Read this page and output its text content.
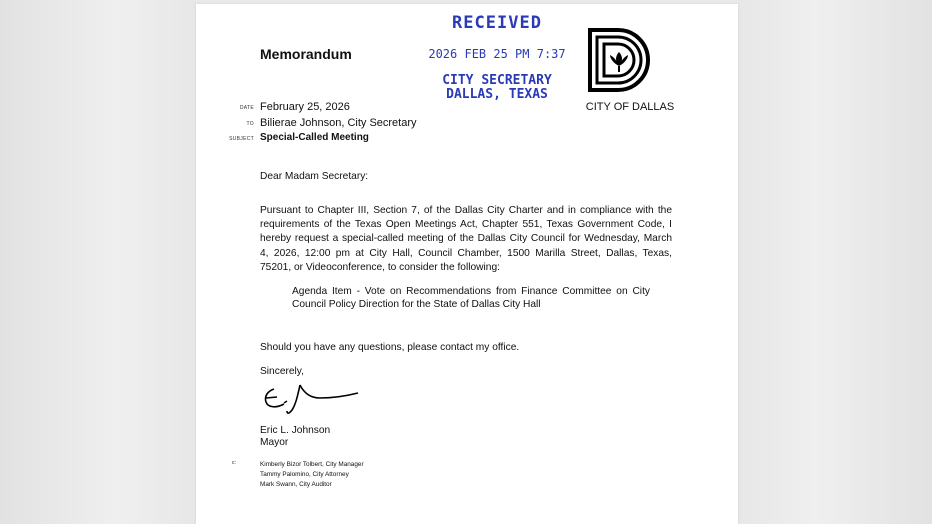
Memorandum
RECEIVED
2026 FEB 25 PM 7:37
CITY SECRETARY
DALLAS, TEXAS
CITY OF DALLAS
DATE February 25, 2026
TO Bilierae Johnson, City Secretary
SUBJECT Special-Called Meeting
Dear Madam Secretary:
Pursuant to Chapter III, Section 7, of the Dallas City Charter and in compliance with the requirements of the Texas Open Meetings Act, Chapter 551, Texas Government Code, I hereby request a special-called meeting of the Dallas City Council for Wednesday, March 4, 2026, 12:00 pm at City Hall, Council Chamber, 1500 Marilla Street, Dallas, Texas, 75201, or Videoconference, to consider the following:
Agenda Item - Vote on Recommendations from Finance Committee on City Council Policy Direction for the State of Dallas City Hall
Should you have any questions, please contact my office.
Sincerely,
Eric L. Johnson
Mayor
c:	Kimberly Bizor Tolbert, City Manager
Tammy Palomino, City Attorney
Mark Swann, City Auditor
